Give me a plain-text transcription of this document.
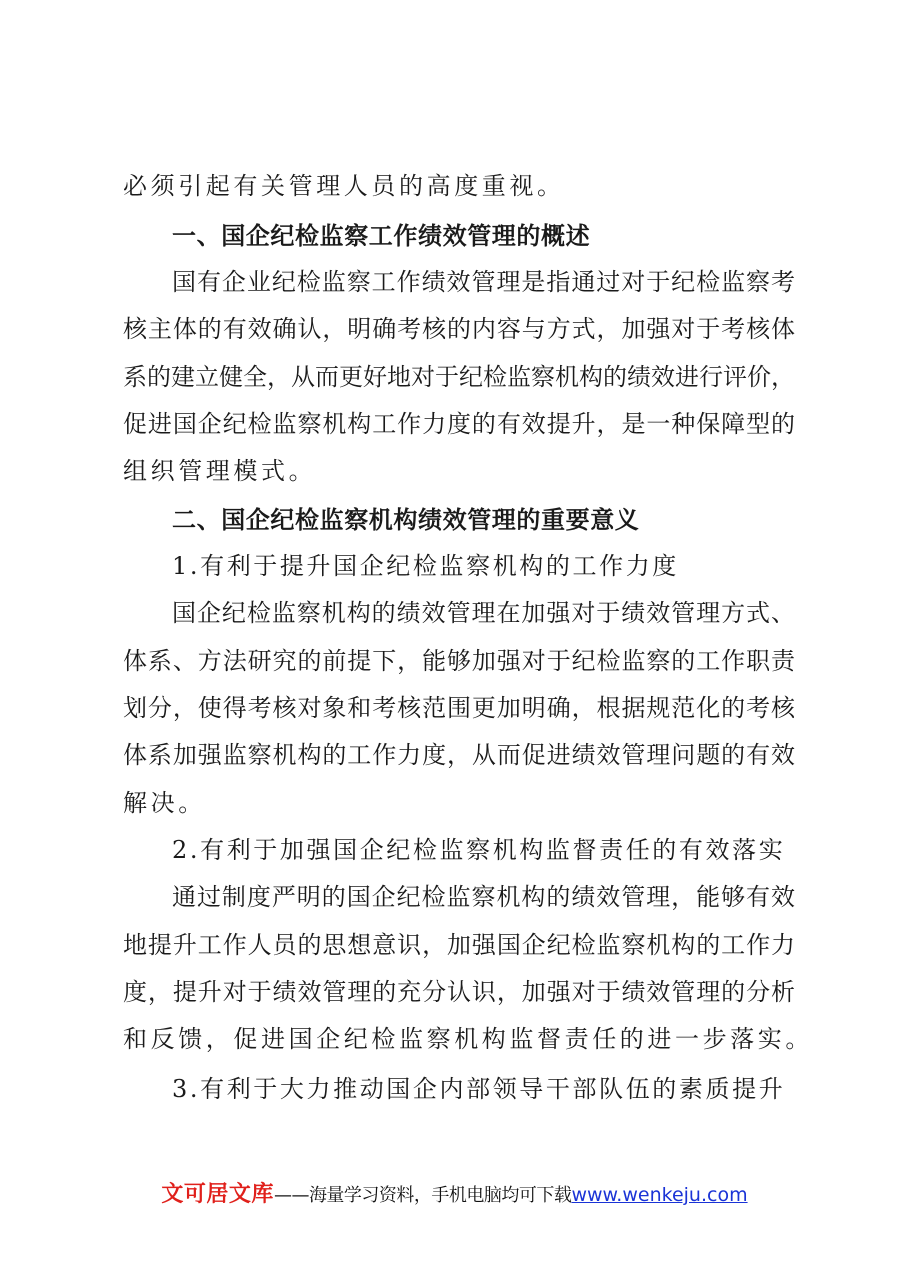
必须引起有关管理人员的高度重视。
一、国企纪检监察工作绩效管理的概述
国有企业纪检监察工作绩效管理是指通过对于纪检监察考
核主体的有效确认，明确考核的内容与方式，加强对于考核体
系的建立健全，从而更好地对于纪检监察机构的绩效进行评价，
促进国企纪检监察机构工作力度的有效提升，是一种保障型的
组织管理模式。
二、国企纪检监察机构绩效管理的重要意义
1.有利于提升国企纪检监察机构的工作力度
国企纪检监察机构的绩效管理在加强对于绩效管理方式、
体系、方法研究的前提下，能够加强对于纪检监察的工作职责
划分，使得考核对象和考核范围更加明确，根据规范化的考核
体系加强监察机构的工作力度，从而促进绩效管理问题的有效
解决。
2.有利于加强国企纪检监察机构监督责任的有效落实
通过制度严明的国企纪检监察机构的绩效管理，能够有效
地提升工作人员的思想意识，加强国企纪检监察机构的工作力
度，提升对于绩效管理的充分认识，加强对于绩效管理的分析
和反馈，促进国企纪检监察机构监督责任的进一步落实。
3.有利于大力推动国企内部领导干部队伍的素质提升
文可居文库——海量学习资料，手机电脑均可下载www.wenkeju.com
